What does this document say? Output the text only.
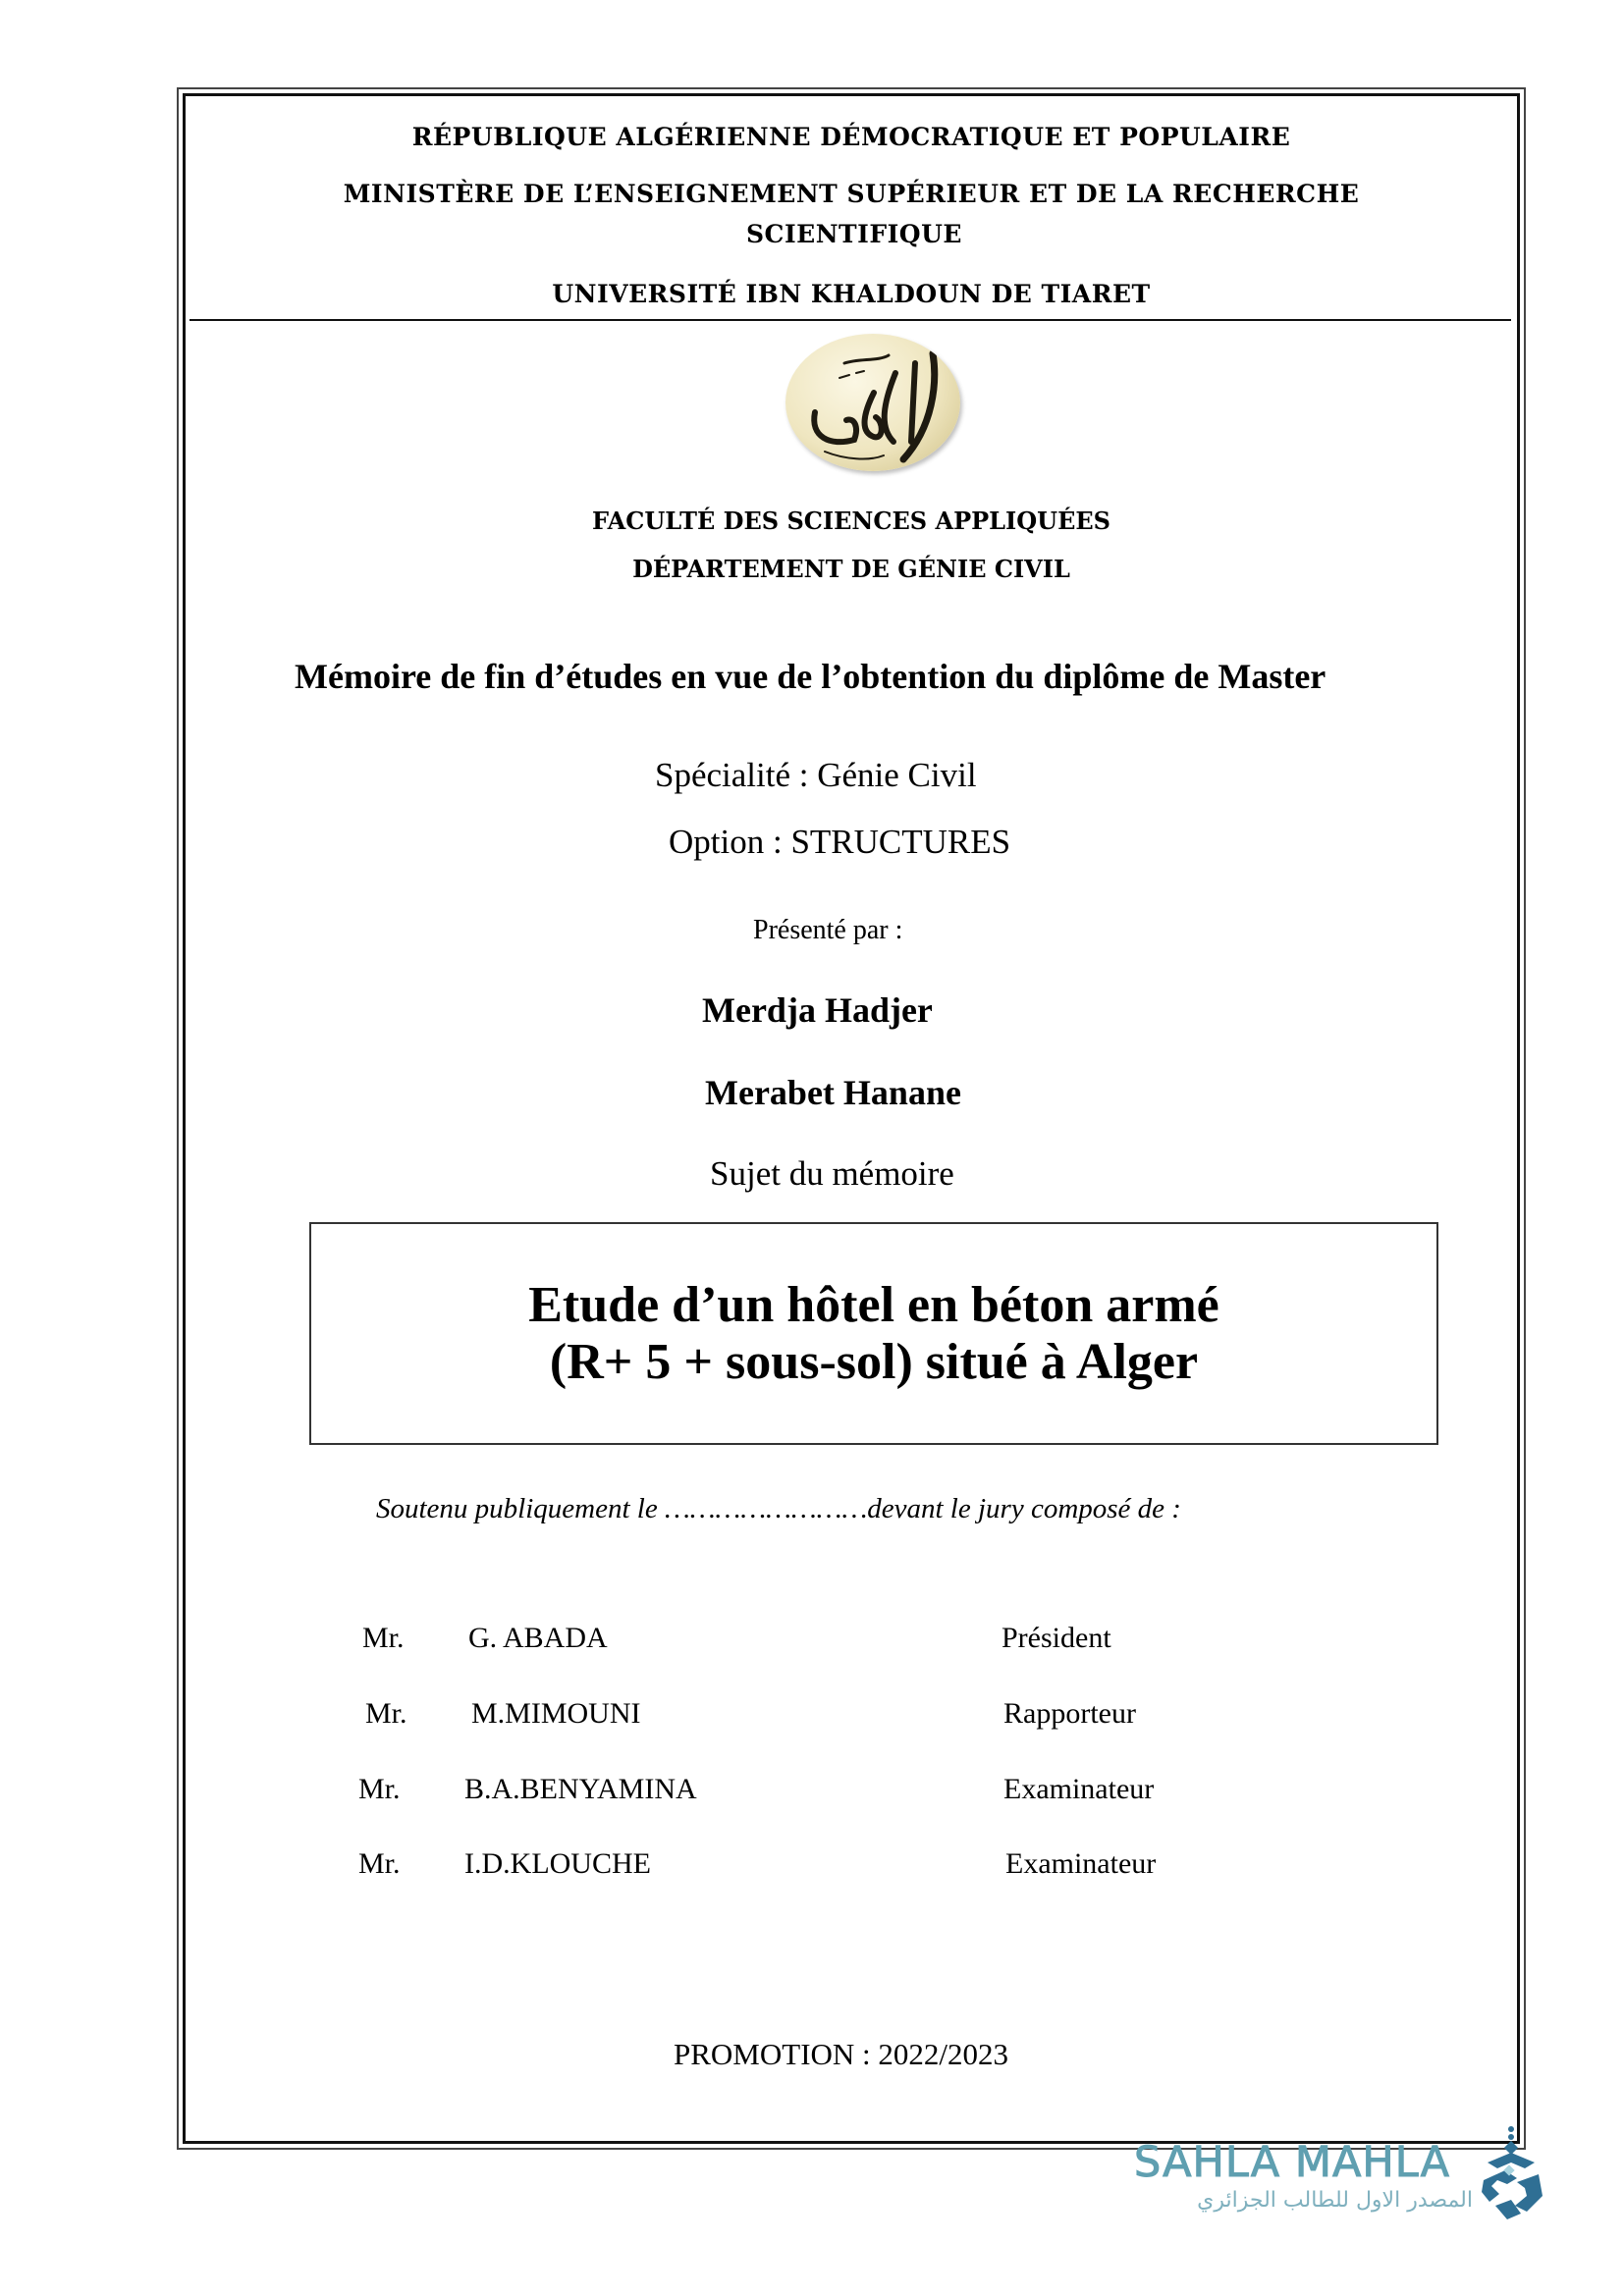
RÉPUBLIQUE ALGÉRIENNE DÉMOCRATIQUE ET POPULAIRE
MINISTÈRE DE L’ENSEIGNEMENT SUPÉRIEUR ET DE LA RECHERCHE
SCIENTIFIQUE
UNIVERSITÉ IBN KHALDOUN DE TIARET
FACULTÉ DES SCIENCES APPLIQUÉES
DÉPARTEMENT DE GÉNIE CIVIL
Mémoire de fin d’études en vue de l’obtention du diplôme de Master
Spécialité : Génie Civil
Option : STRUCTURES
Présenté par :
Merdja Hadjer
Merabet Hanane
Sujet du mémoire
Etude d’un hôtel en béton armé
(R+ 5 + sous-sol) situé à Alger
Soutenu publiquement le ……………………devant le jury composé de :
Mr. G. ABADA	Président
Mr. M.MIMOUNI	Rapporteur
Mr. B.A.BENYAMINA	Examinateur
Mr. I.D.KLOUCHE	Examinateur
PROMOTION : 2022/2023
SAHLA MAHLA
المصدر الاول للطالب الجزائري
